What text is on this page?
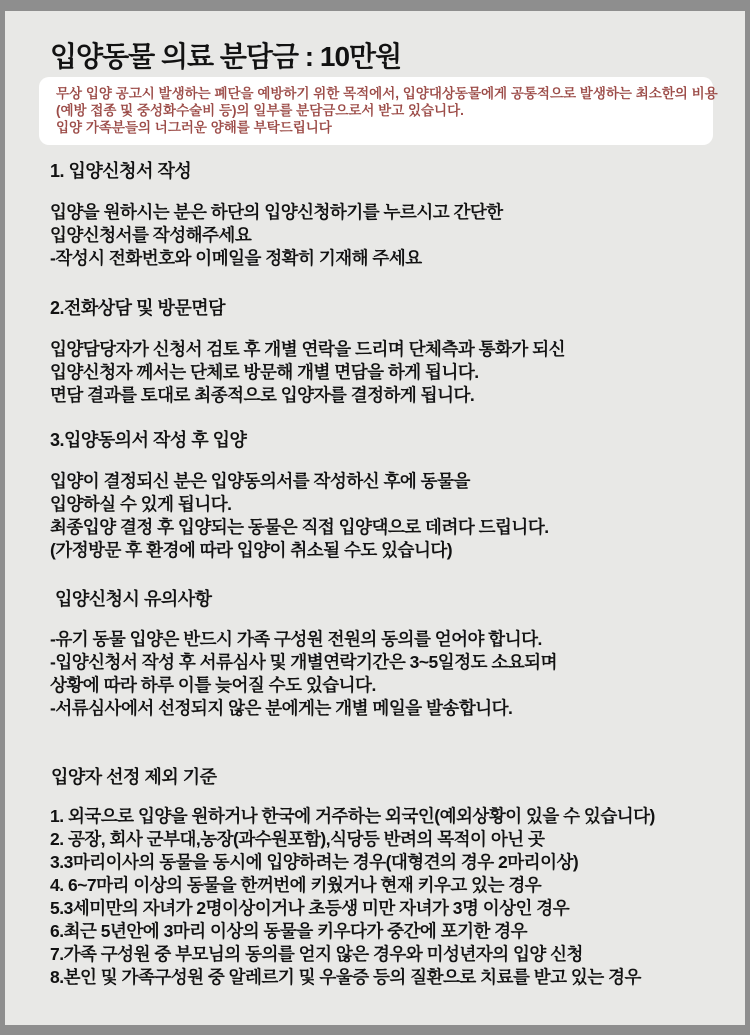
입양동물 의료 분담금 : 10만원
무상 입양 공고시 발생하는 폐단을 예방하기 위한 목적에서, 입양대상동물에게 공통적으로 발생하는 최소한의 비용
(예방 접종 및 중성화수술비 등)의 일부를 분담금으로서 받고 있습니다.
입양 가족분들의 너그러운 양해를 부탁드립니다
1. 입양신청서 작성
입양을 원하시는 분은 하단의 입양신청하기를 누르시고 간단한
입양신청서를 작성해주세요
-작성시 전화번호와 이메일을 정확히 기재해 주세요
2.전화상담 및 방문면담
입양담당자가 신청서 검토 후 개별 연락을 드리며 단체측과 통화가 되신
입양신청자 께서는 단체로 방문해 개별 면담을 하게 됩니다.
면담 결과를 토대로 최종적으로 입양자를 결정하게 됩니다.
3.입양동의서 작성 후 입양
입양이 결정되신 분은 입양동의서를 작성하신 후에 동물을
입양하실 수 있게 됩니다.
최종입양 결정 후 입양되는 동물은 직접 입양댁으로 데려다 드립니다.
(가정방문 후 환경에 따라 입양이 취소될 수도 있습니다)
입양신청시 유의사항
-유기 동물 입양은 반드시 가족 구성원 전원의 동의를 얻어야 합니다.
-입양신청서 작성 후 서류심사 및 개별연락기간은 3~5일정도 소요되며
상황에 따라 하루 이틀 늦어질 수도 있습니다.
-서류심사에서 선정되지 않은 분에게는 개별 메일을 발송합니다.
입양자 선정 제외 기준
1. 외국으로 입양을 원하거나 한국에 거주하는 외국인(예외상황이 있을 수 있습니다)
2. 공장, 회사 군부대,농장(과수원포함),식당등 반려의 목적이 아닌 곳
3.3마리이사의 동물을 동시에 입양하려는 경우(대형견의 경우 2마리이상)
4. 6~7마리 이상의 동물을 한꺼번에 키웠거나 현재 키우고 있는 경우
5.3세미만의 자녀가 2명이상이거나 초등생 미만 자녀가 3명 이상인 경우
6.최근 5년안에 3마리 이상의 동물을 키우다가 중간에 포기한 경우
7.가족 구성원 중 부모님의 동의를 얻지 않은 경우와 미성년자의 입양 신청
8.본인 및 가족구성원 중 알레르기 및 우울증 등의 질환으로 치료를 받고 있는 경우
